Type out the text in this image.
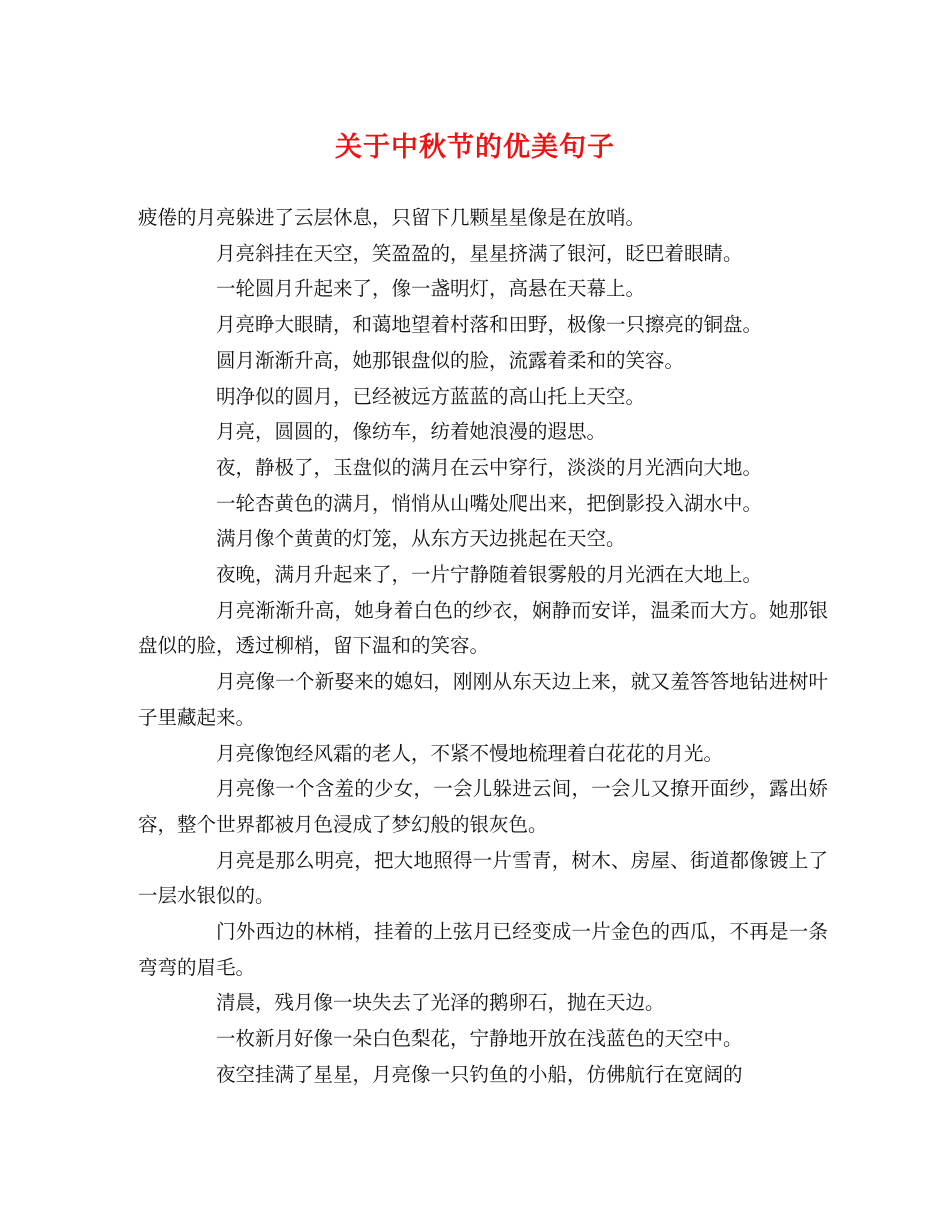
关于中秋节的优美句子

疲倦的月亮躲进了云层休息，只留下几颗星星像是在放哨。

月亮斜挂在天空，笑盈盈的，星星挤满了银河，眨巴着眼睛。

一轮圆月升起来了，像一盏明灯，高悬在天幕上。

月亮睁大眼睛，和蔼地望着村落和田野，极像一只擦亮的铜盘。

圆月渐渐升高，她那银盘似的脸，流露着柔和的笑容。

明净似的圆月，已经被远方蓝蓝的高山托上天空。

月亮，圆圆的，像纺车，纺着她浪漫的遐思。

夜，静极了，玉盘似的满月在云中穿行，淡淡的月光洒向大地。

一轮杏黄色的满月，悄悄从山嘴处爬出来，把倒影投入湖水中。

满月像个黄黄的灯笼，从东方天边挑起在天空。

夜晚，满月升起来了，一片宁静随着银雾般的月光洒在大地上。

月亮渐渐升高，她身着白色的纱衣，娴静而安详，温柔而大方。她那银盘似的脸，透过柳梢，留下温和的笑容。

月亮像一个新娶来的媳妇，刚刚从东天边上来，就又羞答答地钻进树叶子里藏起来。

月亮像饱经风霜的老人，不紧不慢地梳理着白花花的月光。

月亮像一个含羞的少女，一会儿躲进云间，一会儿又撩开面纱，露出娇容，整个世界都被月色浸成了梦幻般的银灰色。

月亮是那么明亮，把大地照得一片雪青，树木、房屋、街道都像镀上了一层水银似的。

门外西边的林梢，挂着的上弦月已经变成一片金色的西瓜，不再是一条弯弯的眉毛。

清晨，残月像一块失去了光泽的鹅卵石，抛在天边。

一枚新月好像一朵白色梨花，宁静地开放在浅蓝色的天空中。

夜空挂满了星星，月亮像一只钓鱼的小船，仿佛航行在宽阔的
